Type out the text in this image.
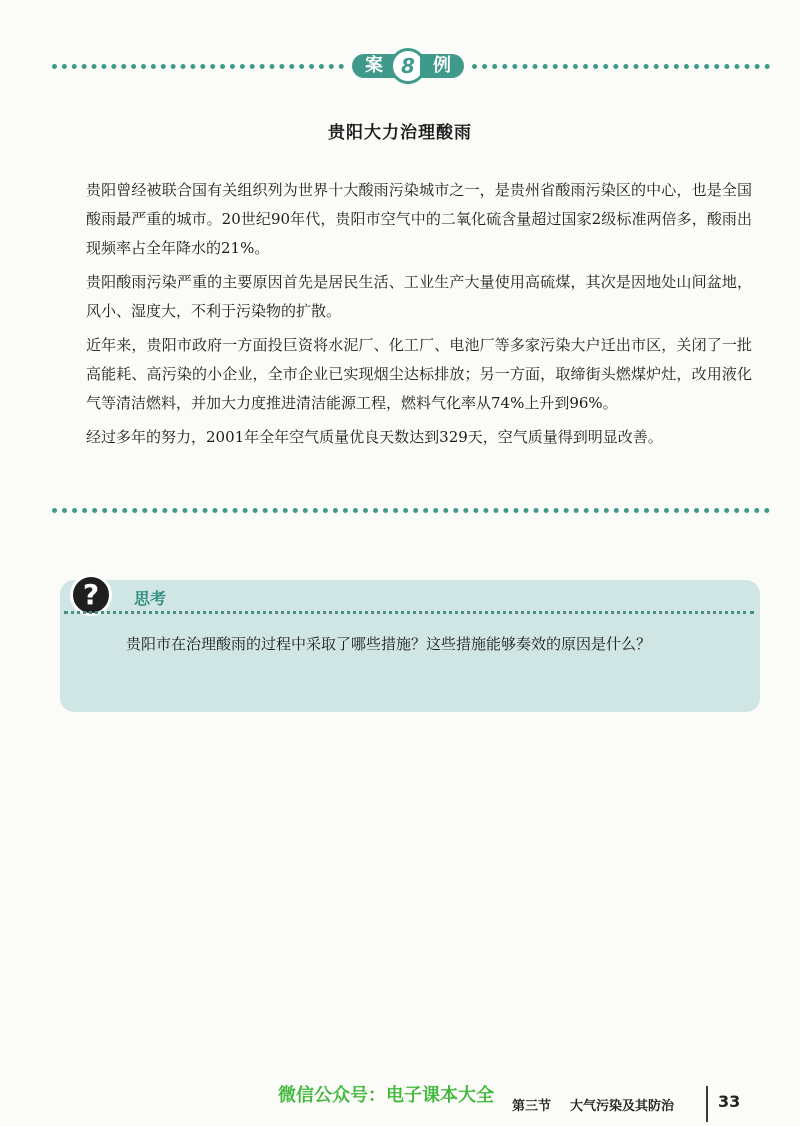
案 8	例
贵阳大力治理酸雨

贵阳曾经被联合国有关组织列为世界十大酸雨污染城市之一，是贵州省酸雨污染区的中心，也是全国酸雨最严重的城市。20世纪90年代，贵阳市空气中的二氧化硫含量超过国家2级标准两倍多，酸雨出现频率占全年降水的21%。

贵阳酸雨污染严重的主要原因首先是居民生活、工业生产大量使用高硫煤，其次是因地处山间盆地，风小、湿度大，不利于污染物的扩散。

近年来，贵阳市政府一方面投巨资将水泥厂、化工厂、电池厂等多家污染大户迁出市区，关闭了一批高能耗、高污染的小企业，全市企业已实现烟尘达标排放；另一方面，取缔街头燃煤炉灶，改用液化气等清洁燃料，并加大力度推进清洁能源工程，燃料气化率从74%上升到96%。

经过多年的努力，2001年全年空气质量优良天数达到329天，空气质量得到明显改善。

?	思考
贵阳市在治理酸雨的过程中采取了哪些措施？这些措施能够奏效的原因是什么？
微信公众号：电子课本大全
第三节 大气污染及其防治	33
